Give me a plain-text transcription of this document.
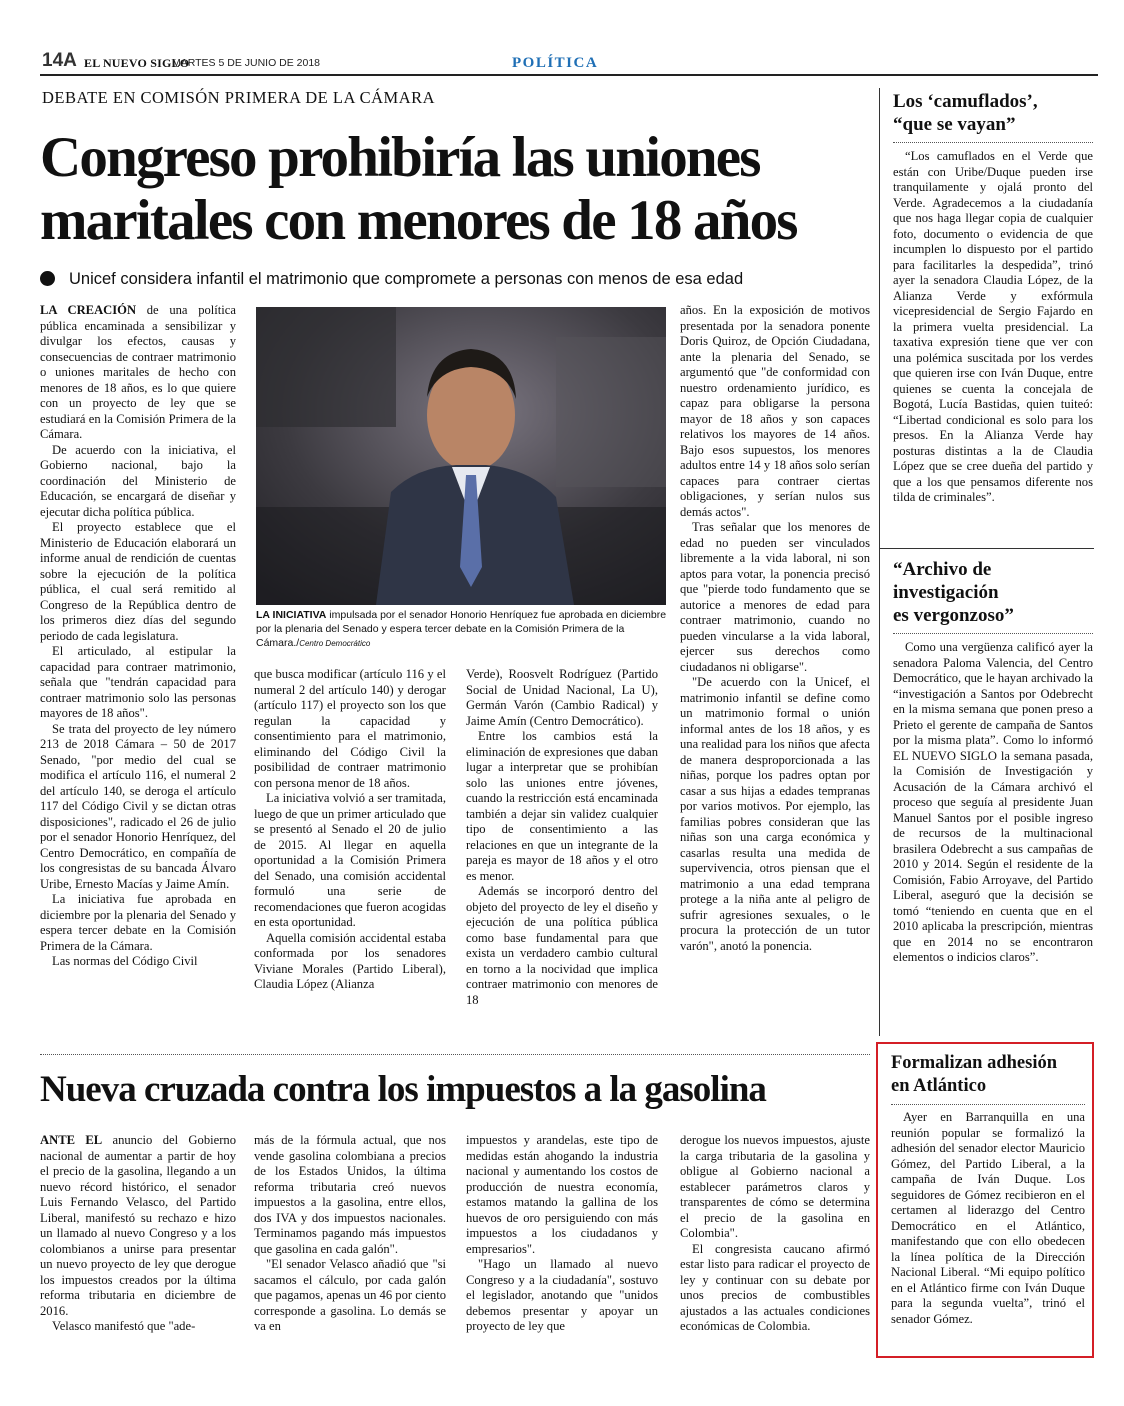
14A EL NUEVO SIGLO
MARTES 5 DE JUNIO DE 2018	POLÍTICA
DEBATE EN COMISÓN PRIMERA DE LA CÁMARA
Congreso prohibiría las uniones
maritales con menores de 18 años
Unicef considera infantil el matrimonio que compromete a personas con menos de esa edad

LA CREACIÓN de una política pública encaminada a sensibilizar y divulgar los efectos, causas y consecuencias de contraer matrimonio o uniones maritales de hecho con menores de 18 años, es lo que quiere con un proyecto de ley que se estudiará en la Comisión Primera de la Cámara.

De acuerdo con la iniciativa, el Gobierno nacional, bajo la coordinación del Ministerio de Educación, se encargará de diseñar y ejecutar dicha política pública.

El proyecto establece que el Ministerio de Educación elaborará un informe anual de rendición de cuentas sobre la ejecución de la política pública, el cual será remitido al Congreso de la República dentro de los primeros diez días del segundo periodo de cada legislatura.

El articulado, al estipular la capacidad para contraer matrimonio, señala que "tendrán capacidad para contraer matrimonio solo las personas mayores de 18 años".

Se trata del proyecto de ley número 213 de 2018 Cámara – 50 de 2017 Senado, "por medio del cual se modifica el artículo 116, el numeral 2 del artículo 140, se deroga el artículo 117 del Código Civil y se dictan otras disposiciones", radicado el 26 de julio por el senador Honorio Henríquez, del Centro Democrático, en compañía de los congresistas de su bancada Álvaro Uribe, Ernesto Macías y Jaime Amín.

La iniciativa fue aprobada en diciembre por la plenaria del Senado y espera tercer debate en la Comisión Primera de la Cámara.

Las normas del Código Civil

LA INICIATIVA impulsada por el senador Honorio Henríquez fue aprobada en diciembre por la plenaria del Senado y espera tercer debate en la Comisión Primera de la Cámara./Centro Democrático

que busca modificar (artículo 116 y el numeral 2 del artículo 140) y derogar (artículo 117) el proyecto son los que regulan la capacidad y consentimiento para el matrimonio, eliminando del Código Civil la posibilidad de contraer matrimonio con persona menor de 18 años.

La iniciativa volvió a ser tramitada, luego de que un primer articulado que se presentó al Senado el 20 de julio de 2015. Al llegar en aquella oportunidad a la Comisión Primera del Senado, una comisión accidental formuló una serie de recomendaciones que fueron acogidas en esta oportunidad.

Aquella comisión accidental estaba conformada por los senadores Viviane Morales (Partido Liberal), Claudia López (Alianza

Verde), Roosvelt Rodríguez (Partido Social de Unidad Nacional, La U), Germán Varón (Cambio Radical) y Jaime Amín (Centro Democrático).

Entre los cambios está la eliminación de expresiones que daban lugar a interpretar que se prohibían solo las uniones entre jóvenes, cuando la restricción está encaminada también a dejar sin validez cualquier tipo de consentimiento a las relaciones en que un integrante de la pareja es mayor de 18 años y el otro es menor.

Además se incorporó dentro del objeto del proyecto de ley el diseño y ejecución de una política pública como base fundamental para que exista un verdadero cambio cultural en torno a la nocividad que implica contraer matrimonio con menores de 18

años. En la exposición de motivos presentada por la senadora ponente Doris Quiroz, de Opción Ciudadana, ante la plenaria del Senado, se argumentó que "de conformidad con nuestro ordenamiento jurídico, es capaz para obligarse la persona mayor de 18 años y son capaces relativos los mayores de 14 años. Bajo esos supuestos, los menores adultos entre 14 y 18 años solo serían capaces para contraer ciertas obligaciones, y serían nulos sus demás actos".

Tras señalar que los menores de edad no pueden ser vinculados libremente a la vida laboral, ni son aptos para votar, la ponencia precisó que "pierde todo fundamento que se autorice a menores de edad para contraer matrimonio, cuando no pueden vincularse a la vida laboral, ejercer sus derechos como ciudadanos ni obligarse".

"De acuerdo con la Unicef, el matrimonio infantil se define como un matrimonio formal o unión informal antes de los 18 años, y es una realidad para los niños que afecta de manera desproporcionada a las niñas, porque los padres optan por casar a sus hijas a edades tempranas por varios motivos. Por ejemplo, las familias pobres consideran que las niñas son una carga económica y casarlas resulta una medida de supervivencia, otros piensan que el matrimonio a una edad temprana protege a la niña ante al peligro de sufrir agresiones sexuales, o le procura la protección de un tutor varón", anotó la ponencia.

Los ‘camuflados’,
“que se vayan”

“Los camuflados en el Verde que están con Uribe/Duque pueden irse tranquilamente y ojalá pronto del Verde. Agradecemos a la ciudadanía que nos haga llegar copia de cualquier foto, documento o evidencia de que incumplen lo dispuesto por el partido para facilitarles la despedida”, trinó ayer la senadora Claudia López, de la Alianza Verde y exfórmula vicepresidencial de Sergio Fajardo en la primera vuelta presidencial. La taxativa expresión tiene que ver con una polémica suscitada por los verdes que quieren irse con Iván Duque, entre quienes se cuenta la concejala de Bogotá, Lucía Bastidas, quien tuiteó: “Libertad condicional es solo para los presos. En la Alianza Verde hay posturas distintas a la de Claudia López que se cree dueña del partido y que a los que pensamos diferente nos tilda de criminales”.

“Archivo de
investigación
es vergonzoso”

Como una vergüenza calificó ayer la senadora Paloma Valencia, del Centro Democrático, que le hayan archivado la “investigación a Santos por Odebrecht en la misma semana que ponen preso a Prieto el gerente de campaña de Santos por la misma plata”. Como lo informó EL NUEVO SIGLO la semana pasada, la Comisión de Investigación y Acusación de la Cámara archivó el proceso que seguía al presidente Juan Manuel Santos por el posible ingreso de recursos de la multinacional brasilera Odebrecht a sus campañas de 2010 y 2014. Según el residente de la Comisión, Fabio Arroyave, del Partido Liberal, aseguró que la decisión se tomó “teniendo en cuenta que en el 2010 aplicaba la prescripción, mientras que en 2014 no se encontraron elementos o indicios claros”.

Formalizan adhesión
en Atlántico

Ayer en Barranquilla en una reunión popular se formalizó la adhesión del senador elector Mauricio Gómez, del Partido Liberal, a la campaña de Iván Duque. Los seguidores de Gómez recibieron en el certamen al liderazgo del Centro Democrático en el Atlántico, manifestando que con ello obedecen la línea política de la Dirección Nacional Liberal. “Mi equipo político en el Atlántico firme con Iván Duque para la segunda vuelta”, trinó el senador Gómez.

Nueva cruzada contra los impuestos a la gasolina

ANTE EL anuncio del Gobierno nacional de aumentar a partir de hoy el precio de la gasolina, llegando a un nuevo récord histórico, el senador Luis Fernando Velasco, del Partido Liberal, manifestó su rechazo e hizo un llamado al nuevo Congreso y a los colombianos a unirse para presentar un nuevo proyecto de ley que derogue los impuestos creados por la última reforma tributaria en diciembre de 2016.

Velasco manifestó que "ade-

más de la fórmula actual, que nos vende gasolina colombiana a precios de los Estados Unidos, la última reforma tributaria creó nuevos impuestos a la gasolina, entre ellos, dos IVA y dos impuestos nacionales. Terminamos pagando más impuestos que gasolina en cada galón".

"El senador Velasco añadió que "si sacamos el cálculo, por cada galón que pagamos, apenas un 46 por ciento corresponde a gasolina. Lo demás se va en

impuestos y arandelas, este tipo de medidas están ahogando la industria nacional y aumentando los costos de producción de nuestra economía, estamos matando la gallina de los huevos de oro persiguiendo con más impuestos a los ciudadanos y empresarios".

"Hago un llamado al nuevo Congreso y a la ciudadanía", sostuvo el legislador, anotando que "unidos debemos presentar y apoyar un proyecto de ley que

derogue los nuevos impuestos, ajuste la carga tributaria de la gasolina y obligue al Gobierno nacional a establecer parámetros claros y transparentes de cómo se determina el precio de la gasolina en Colombia".

El congresista caucano afirmó estar listo para radicar el proyecto de ley y continuar con su debate por unos precios de combustibles ajustados a las actuales condiciones económicas de Colombia.
